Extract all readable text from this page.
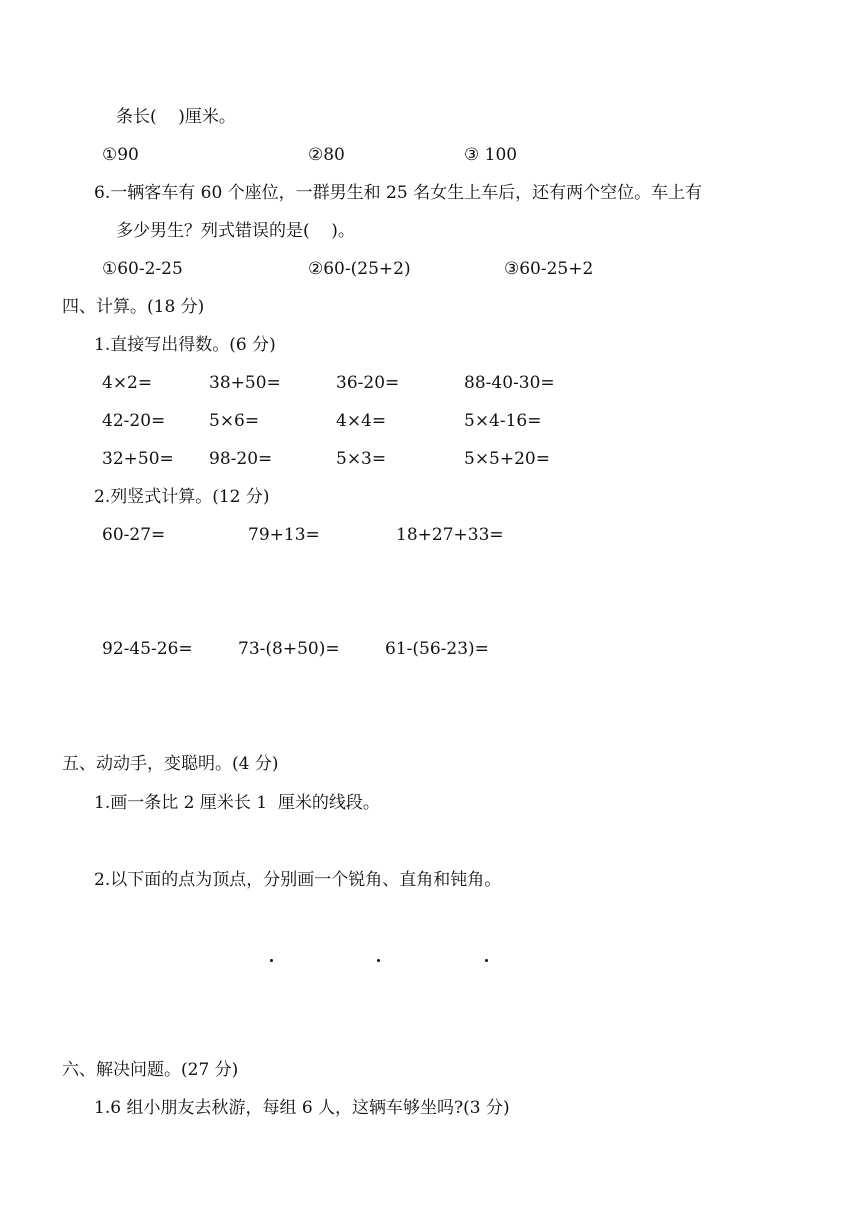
条长(    )厘米。
①90	②80	③ 100
6.一辆客车有 60 个座位，一群男生和 25 名女生上车后，还有两个空位。车上有
多少男生？列式错误的是(    )。
①60-2-25	②60-(25+2)	③60-25+2
四、计算。(18 分)
1.直接写出得数。(6 分)
4×2=	38+50=	36-20=	88-40-30=
42-20=	5×6=	4×4=	5×4-16=
32+50= 98-20=	5×3=	5×5+20=
2.列竖式计算。(12 分)
60-27=	79+13=	18+27+33=
92-45-26=	73-(8+50)=	61-(56-23)=
五、动动手，变聪明。(4 分)
1.画一条比 2 厘米长 1  厘米的线段。
2.以下面的点为顶点，分别画一个锐角、直角和钝角。
六、解决问题。(27 分)
1.6 组小朋友去秋游，每组 6 人，这辆车够坐吗?(3 分)
